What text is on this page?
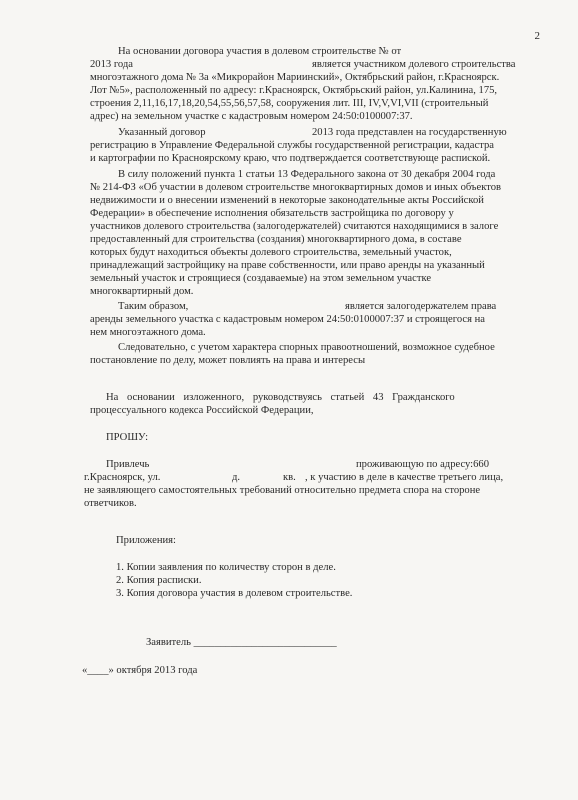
2
На основании договора участия в долевом строительстве № от
2013 года	является участником долевого строительства
многоэтажного дома № 3а «Микрорайон Мариинский», Октябрьский район, г.Красноярск.
Лот №5», расположенный по адресу: г.Красноярск, Октябрьский район, ул.Калинина, 175,
строения 2,11,16,17,18,20,54,55,56,57,58, сооружения лит. III, IV,V,VI,VII (строительный
адрес) на земельном участке с кадастровым номером 24:50:0100007:37.
Указанный договор	2013 года представлен на государственную
регистрацию в Управление Федеральной службы государственной регистрации, кадастра
и картографии по Красноярскому краю, что подтверждается соответствующе распиской.
В силу положений пункта 1 статьи 13 Федерального закона от 30 декабря 2004 года
№ 214-ФЗ «Об участии в долевом строительстве многоквартирных домов и иных объектов
недвижимости и о внесении изменений в некоторые законодательные акты Российской
Федерации» в обеспечение исполнения обязательств застройщика по договору у
участников долевого строительства (залогодержателей) считаются находящимися в залоге
предоставленный для строительства (создания) многоквартирного дома, в составе
которых будут находиться объекты долевого строительства, земельный участок,
принадлежащий застройщику на праве собственности, или право аренды на указанный
земельный участок и строящиеся (создаваемые) на этом земельном участке
многоквартирный дом.
Таким образом,	является залогодержателем права
аренды земельного участка с кадастровым номером 24:50:0100007:37 и строящегося на
нем многоэтажного дома.
Следовательно, с учетом характера спорных правоотношений, возможное судебное
постановление по делу, может повлиять на права и интересы
На основании изложенного, руководствуясь статьей 43 Гражданского
процессуального кодекса Российской Федерации,
ПРОШУ:
Привлечь	проживающую по адресу:660
г.Красноярск, ул.	д.	кв. , к участию в деле в качестве третьего лица,
не заявляющего самостоятельных требований относительно предмета спора на стороне
ответчиков.
Приложения:
1. Копии заявления по количеству сторон в деле.
2. Копия расписки.
3. Копия договора участия в долевом строительстве.
Заявитель ___________________________
«____» октября 2013 года
